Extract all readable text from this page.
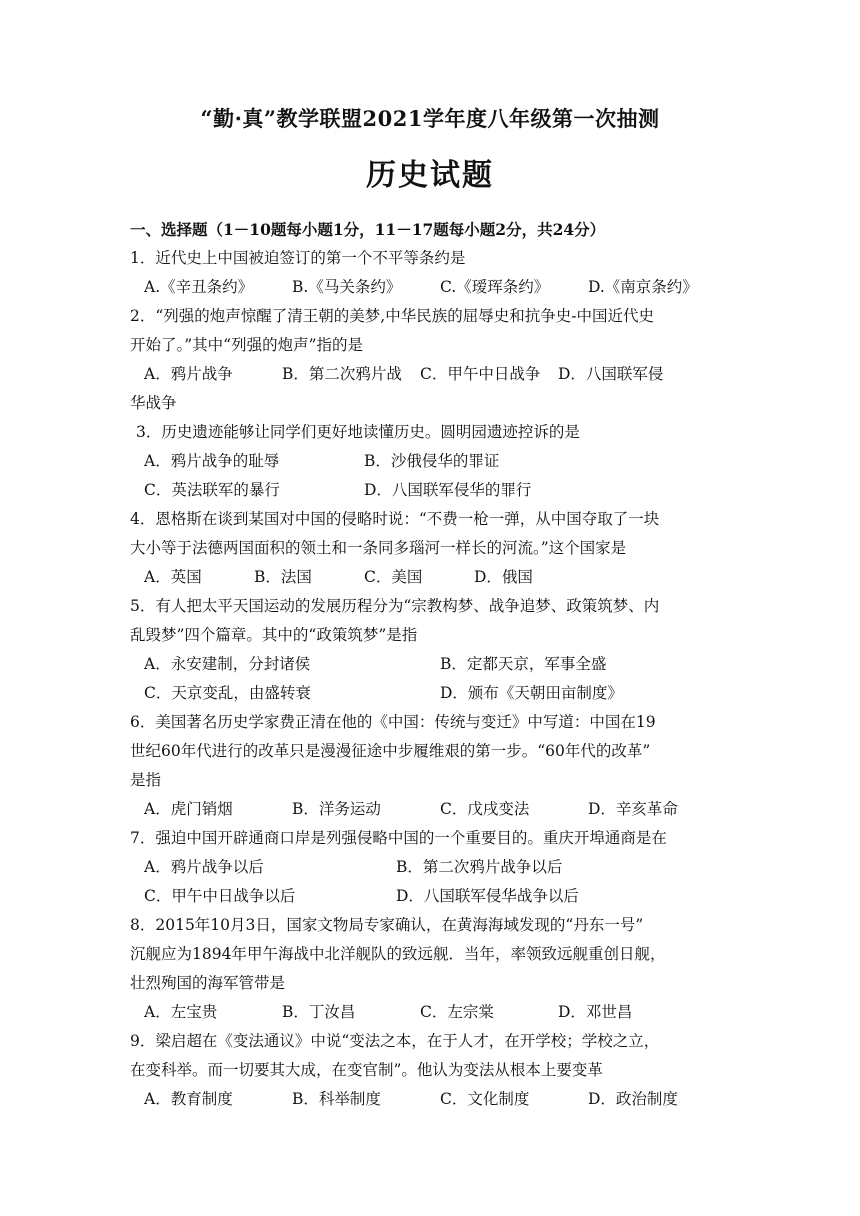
“勤·真”教学联盟2021学年度八年级第一次抽测
历史试题
一、选择题（1－10题每小题1分，11－17题每小题2分，共24分）
1．近代史上中国被迫签订的第一个不平等条约是
A.《辛丑条约》	B.《马关条约》	C.《瑷珲条约》	D.《南京条约》
2．“列强的炮声惊醒了清王朝的美梦,中华民族的屈辱史和抗争史-中国近代史
开始了。”其中“列强的炮声”指的是
A．鸦片战争	B．第二次鸦片战	C．甲午中日战争	D．八国联军侵
华战争
3．历史遗迹能够让同学们更好地读懂历史。圆明园遗迹控诉的是
A．鸦片战争的耻辱	B．沙俄侵华的罪证
C．英法联军的暴行	D．八国联军侵华的罪行
4．恩格斯在谈到某国对中国的侵略时说：“不费一枪一弹，从中国夺取了一块
大小等于法德两国面积的领土和一条同多瑙河一样长的河流。”这个国家是
A．英国	B．法国	C．美国	D．俄国
5．有人把太平天国运动的发展历程分为“宗教构梦、战争追梦、政策筑梦、内
乱毁梦”四个篇章。其中的“政策筑梦”是指
A．永安建制，分封诸侯	B．定都天京，军事全盛
C．天京变乱，由盛转衰	D．颁布《天朝田亩制度》
6．美国著名历史学家费正清在他的《中国：传统与变迁》中写道：中国在19
世纪60年代进行的改革只是漫漫征途中步履维艰的第一步。“60年代的改革”
是指
A．虎门销烟	B．洋务运动	C．戊戌变法	D．辛亥革命
7．强迫中国开辟通商口岸是列强侵略中国的一个重要目的。重庆开埠通商是在
A．鸦片战争以后	B．第二次鸦片战争以后
C．甲午中日战争以后	D．八国联军侵华战争以后
8．2015年10月3日，国家文物局专家确认，在黄海海域发现的“丹东一号”
沉舰应为1894年甲午海战中北洋舰队的致远舰．当年，率领致远舰重创日舰，
壮烈殉国的海军管带是
A．左宝贵	B．丁汝昌	C．左宗棠	D．邓世昌
9．梁启超在《变法通议》中说“变法之本，在于人才，在开学校；学校之立，
在变科举。而一切要其大成，在变官制”。他认为变法从根本上要变革
A．教育制度	B．科举制度	C．文化制度	D．政治制度
